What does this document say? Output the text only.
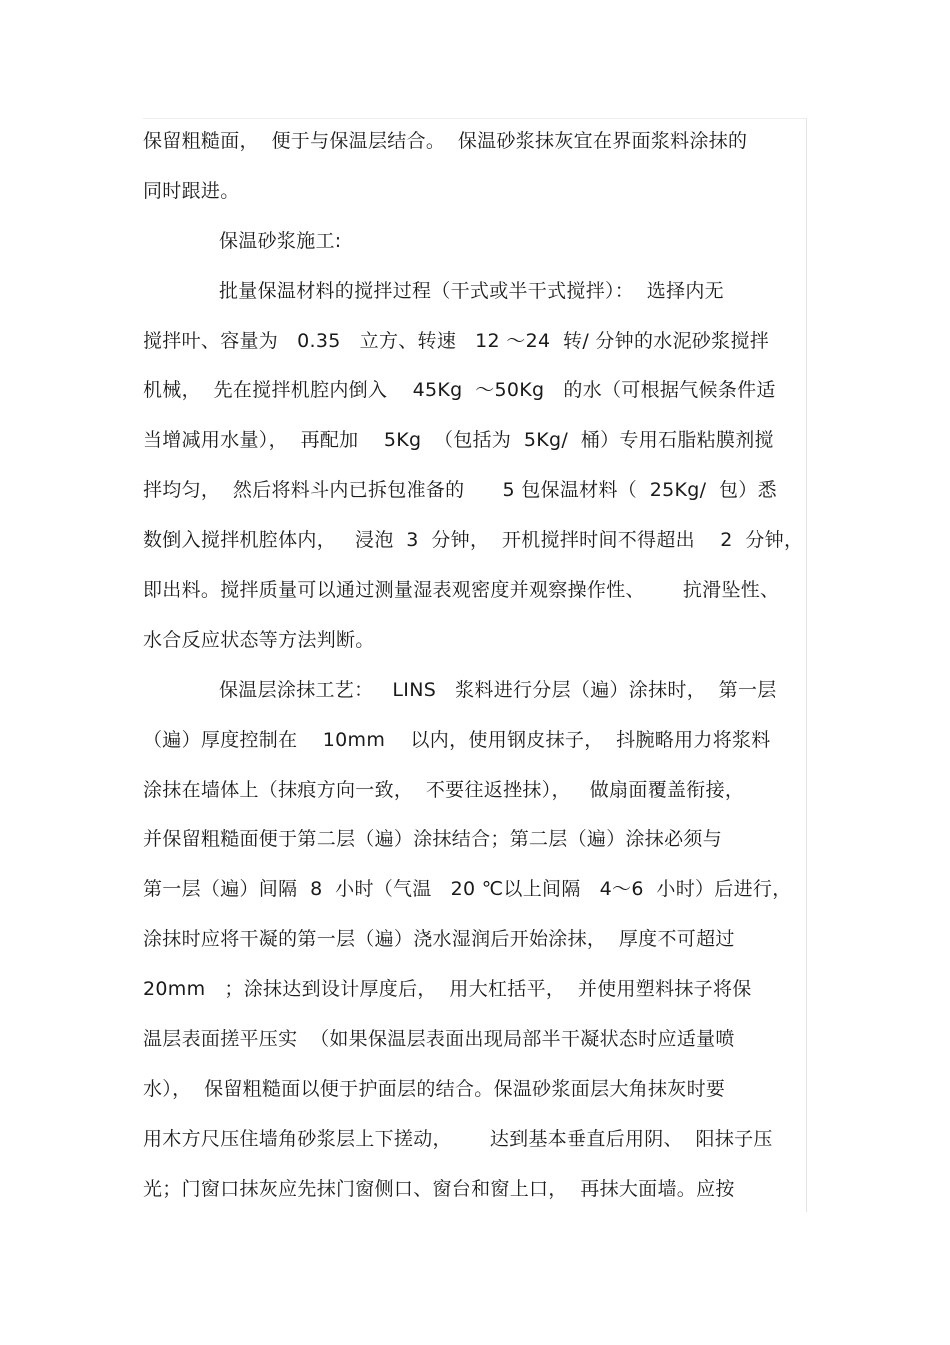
保留粗糙面，  便于与保温层结合。  保温砂浆抹灰宜在界面浆料涂抹的
同时跟进。
保温砂浆施工:
批量保温材料的搅拌过程（干式或半干式搅拌）：  选择内无
搅拌叶、容量为   0.35   立方、转速   12 ～24  转/ 分钟的水泥砂浆搅拌
机械，  先在搅拌机腔内倒入    45Kg  ～50Kg   的水（可根据气候条件适
当增减用水量），  再配加    5Kg  （包括为  5Kg/  桶）专用石脂粘膜剂搅
拌均匀，  然后将料斗内已拆包准备的      5 包保温材料（  25Kg/  包）悉
数倒入搅拌机腔体内，   浸泡  3  分钟，  开机搅拌时间不得超出    2  分钟，
即出料。搅拌质量可以通过测量湿表观密度并观察操作性、      抗滑坠性、
水合反应状态等方法判断。
保温层涂抹工艺：   LINS   浆料进行分层（遍）涂抹时，  第一层
（遍）厚度控制在    10mm    以内，使用钢皮抹子，  抖腕略用力将浆料
涂抹在墙体上（抹痕方向一致，  不要往返挫抹），   做扇面覆盖衔接，
并保留粗糙面便于第二层（遍）涂抹结合；第二层（遍）涂抹必须与
第一层（遍）间隔  8  小时（气温   20 ℃以上间隔   4～6  小时）后进行，
涂抹时应将干凝的第一层（遍）浇水湿润后开始涂抹，  厚度不可超过
20mm   ；涂抹达到设计厚度后，  用大杠括平，  并使用塑料抹子将保
温层表面搓平压实  （如果保温层表面出现局部半干凝状态时应适量喷
水），  保留粗糙面以便于护面层的结合。保温砂浆面层大角抹灰时要
用木方尺压住墙角砂浆层上下搓动，      达到基本垂直后用阴、  阳抹子压
光；门窗口抹灰应先抹门窗侧口、窗台和窗上口，  再抹大面墙。应按
